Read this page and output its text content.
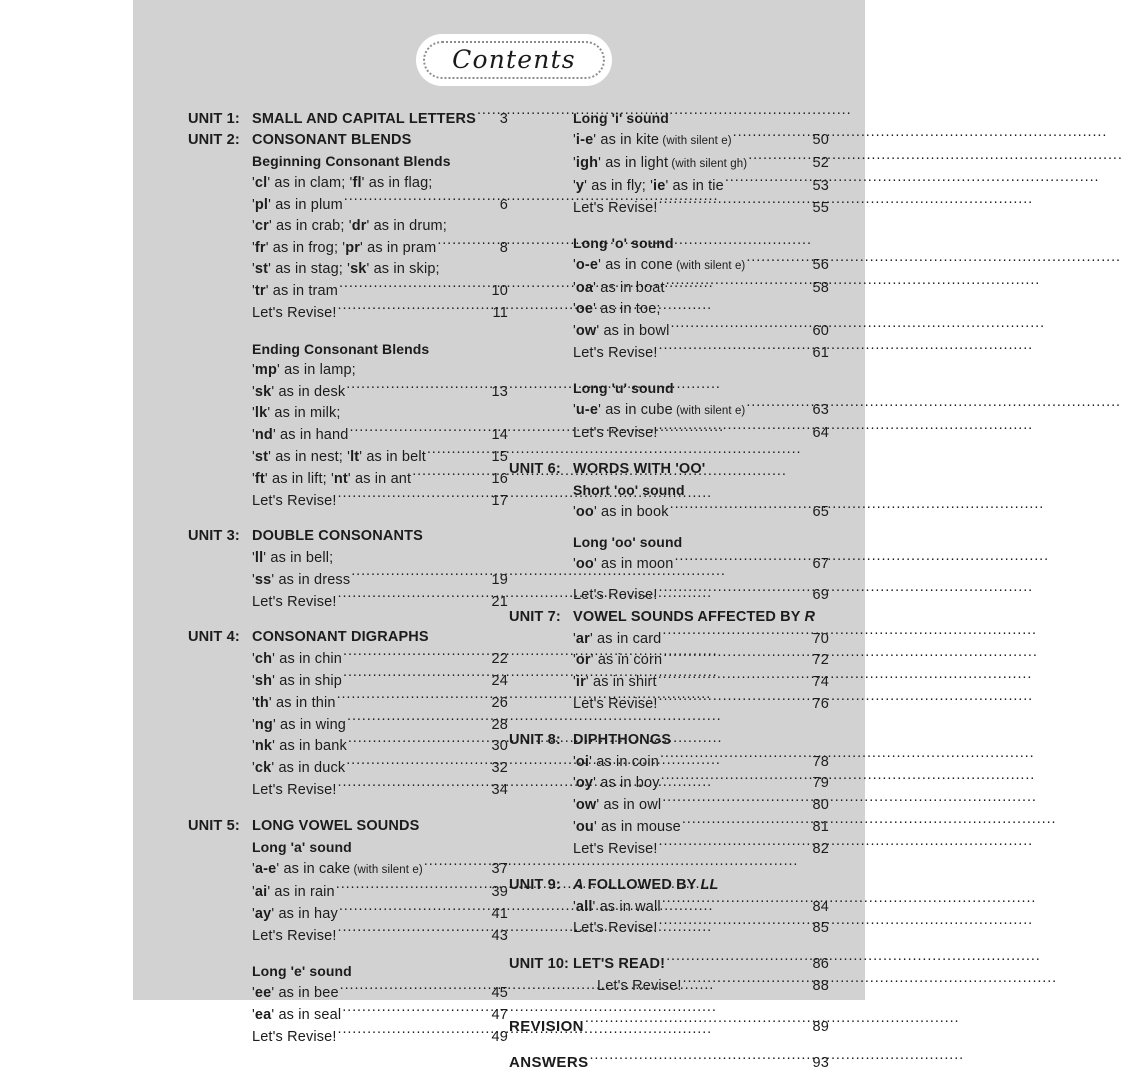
Contents
UNIT 1: SMALL AND CAPITAL LETTERS ..... 3
UNIT 2: CONSONANT BLENDS
Beginning Consonant Blends
'cl' as in clam; 'fl' as in flag;
'pl' as in plum .....	6
'cr' as in crab; 'dr' as in drum;
'fr' as in frog; 'pr' as in pram .....	8
'st' as in stag; 'sk' as in skip;
'tr' as in tram .....	10
Let's Revise! .....	11
Ending Consonant Blends
'mp' as in lamp;
'sk' as in desk .....	13
'lk' as in milk;
'nd' as in hand .....	14
'st' as in nest; 'lt' as in belt .....	15
'ft' as in lift; 'nt' as in ant .....	16
Let's Revise! .....	17
UNIT 3: DOUBLE CONSONANTS
'll' as in bell;
'ss' as in dress .....	19
Let's Revise! .....	21
UNIT 4: CONSONANT DIGRAPHS
'ch' as in chin .....	22
'sh' as in ship .....	24
'th' as in thin .....	26
'ng' as in wing .....	28
'nk' as in bank .....	30
'ck' as in duck .....	32
Let's Revise! .....	34
UNIT 5: LONG VOWEL SOUNDS
Long 'a' sound
'a-e' as in cake (with silent e) .....	37
'ai' as in rain .....	39
'ay' as in hay .....	41
Let's Revise! .....	43
Long 'e' sound
'ee' as in bee .....	45
'ea' as in seal .....	47
Let's Revise! .....	49
Long 'i' sound
'i-e' as in kite (with silent e) .....	50
'igh' as in light (with silent gh) .....	52
'y' as in fly; 'ie' as in tie .....	53
Let's Revise! .....	55
Long 'o' sound
'o-e' as in cone (with silent e) .....	56
'oa' as in boat .....	58
'oe' as in toe;
'ow' as in bowl .....	60
Let's Revise! .....	61
Long 'u' sound
'u-e' as in cube (with silent e) .....	63
Let's Revise! .....	64
UNIT 6: WORDS WITH 'OO'
Short 'oo' sound
'oo' as in book .....	65
Long 'oo' sound
'oo' as in moon .....	67
Let's Revise! .....	69
UNIT 7: VOWEL SOUNDS AFFECTED BY R
'ar' as in card .....	70
'or' as in corn .....	72
'ir' as in shirt .....	74
Let's Revise! .....	76
UNIT 8: DIPHTHONGS
'oi' as in coin .....	78
'oy' as in boy .....	79
'ow' as in owl .....	80
'ou' as in mouse .....	81
Let's Revise! .....	82
UNIT 9: A FOLLOWED BY LL
'all' as in wall .....	84
Let's Revise! .....	85
UNIT 10: LET'S READ! .....	86
Let's Revise! .....	88
REVISION .....	89
ANSWERS .....	93
